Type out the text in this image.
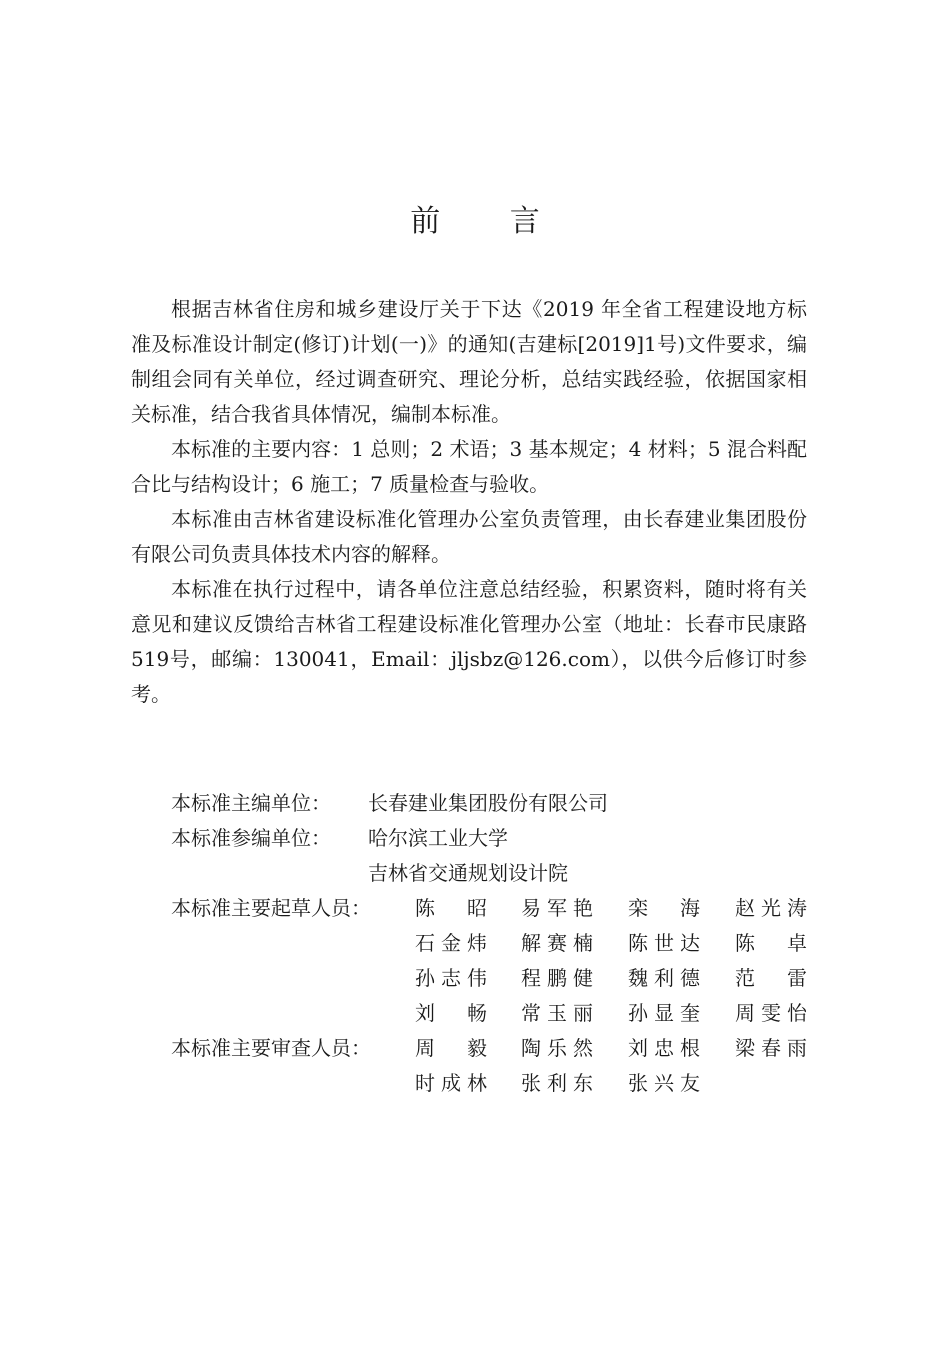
前 言

根据吉林省住房和城乡建设厅关于下达《2019 年全省工程建设地方标准及标准设计制定(修订)计划(一)》的通知(吉建标[2019]1号)文件要求，编制组会同有关单位，经过调查研究、理论分析，总结实践经验，依据国家相关标准，结合我省具体情况，编制本标准。

本标准的主要内容：1 总则；2 术语；3 基本规定；4 材料；5 混合料配合比与结构设计；6 施工；7 质量检查与验收。

本标准由吉林省建设标准化管理办公室负责管理，由长春建业集团股份有限公司负责具体技术内容的解释。

本标准在执行过程中，请各单位注意总结经验，积累资料，随时将有关意见和建议反馈给吉林省工程建设标准化管理办公室（地址：长春市民康路519号，邮编：130041，Email：jljsbz@126.com），以供今后修订时参考。

本标准主编单位： 长春建业集团股份有限公司
本标准参编单位： 哈尔滨工业大学
吉林省交通规划设计院
本标准主要起草人员： 陈昭 易军艳 栾海 赵光涛
石金炜 解赛楠 陈世达 陈卓
孙志伟 程鹏健 魏利德 范雷
刘畅 常玉丽 孙显奎 周雯怡
本标准主要审查人员： 周毅 陶乐然 刘忠根 梁春雨
时成林 张利东 张兴友
